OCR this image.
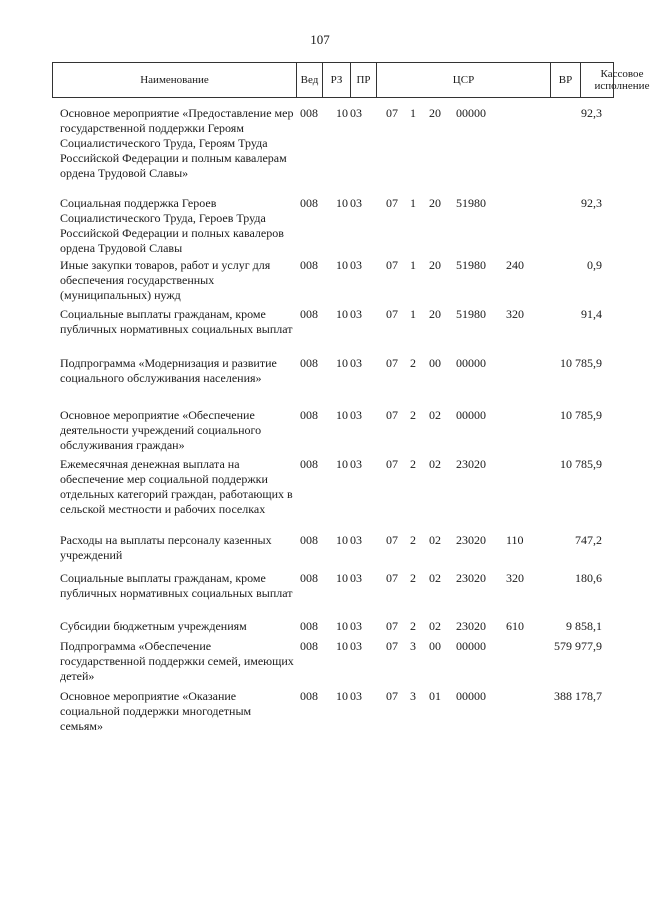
107
Наименование	Вед	РЗ	ПР	ЦСР	ВР	Кассовое исполнение
Основное мероприятие «Предоставление мер государственной поддержки Героям Социалистического Труда, Героям Труда Российской Федерации и полным кавалерам ордена Трудовой Славы»
008 10 03 07 1 20 00000	92,3
Социальная поддержка Героев Социалистического Труда, Героев Труда Российской Федерации и полных кавалеров ордена Трудовой Славы
008 10 03 07 1 20 51980	92,3
Иные закупки товаров, работ и услуг для обеспечения государственных (муниципальных) нужд
008 10 03 07 1 20 51980 240	0,9
Социальные выплаты гражданам, кроме публичных нормативных социальных выплат
008 10 03 07 1 20 51980 320	91,4
Подпрограмма «Модернизация и развитие социального обслуживания населения»
008 10 03 07 2 00 00000	10 785,9
Основное мероприятие «Обеспечение деятельности учреждений социального обслуживания граждан»
008 10 03 07 2 02 00000	10 785,9
Ежемесячная денежная выплата на обеспечение мер социальной поддержки отдельных категорий граждан, работающих в сельской местности и рабочих поселках
008 10 03 07 2 02 23020	10 785,9
Расходы на выплаты персоналу казенных учреждений
008 10 03 07 2 02 23020 110	747,2
Социальные выплаты гражданам, кроме публичных нормативных социальных выплат
008 10 03 07 2 02 23020 320	180,6
Субсидии бюджетным учреждениям	008 10 03 07 2 02 23020 610	9 858,1
Подпрограмма «Обеспечение государственной поддержки семей, имеющих детей»
008 10 03 07 3 00 00000	579 977,9
Основное мероприятие «Оказание социальной поддержки многодетным семьям»
008 10 03 07 3 01 00000	388 178,7
